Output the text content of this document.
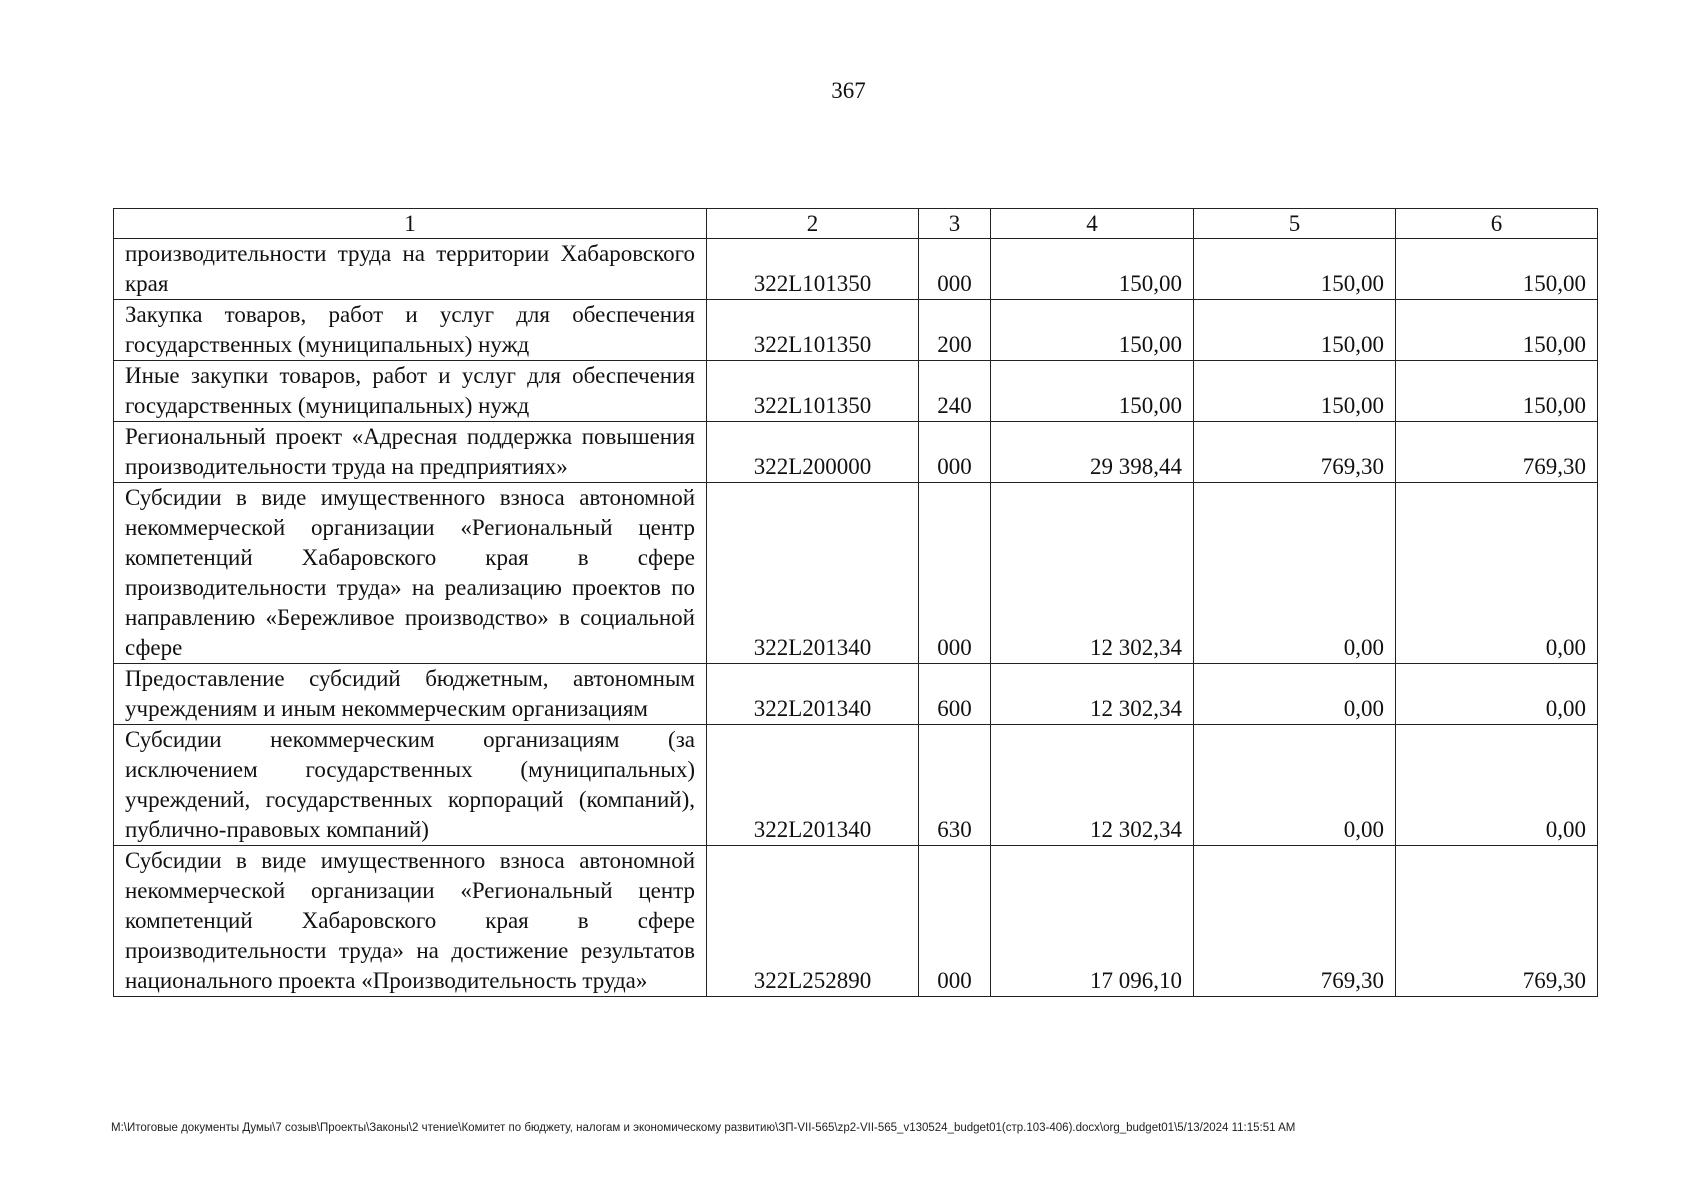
367
1	2	3	4	5	6
производительности труда на территории Хабаровского края	322L101350	000	150,00	150,00	150,00
Закупка товаров, работ и услуг для обеспечения государственных (муниципальных) нужд	322L101350	200	150,00	150,00	150,00
Иные закупки товаров, работ и услуг для обеспечения государственных (муниципальных) нужд	322L101350	240	150,00	150,00	150,00
Региональный проект «Адресная поддержка повышения производительности труда на предприятиях»	322L200000	000	29 398,44	769,30	769,30
Субсидии в виде имущественного взноса автономной некоммерческой организации «Региональный центр компетенций Хабаровского края в сфере производительности труда» на реализацию проектов по направлению «Бережливое производство» в социальной сфере	322L201340	000	12 302,34	0,00	0,00
Предоставление субсидий бюджетным, автономным учреждениям и иным некоммерческим организациям	322L201340	600	12 302,34	0,00	0,00
Субсидии некоммерческим организациям (за исключением государственных (муниципальных) учреждений, государственных корпораций (компаний), публично-правовых компаний)	322L201340	630	12 302,34	0,00	0,00
Субсидии в виде имущественного взноса автономной некоммерческой организации «Региональный центр компетенций Хабаровского края в сфере производительности труда» на достижение результатов национального проекта «Производительность труда»	322L252890	000	17 096,10	769,30	769,30
M:\Итоговые документы Думы\7 созыв\Проекты\Законы\2 чтение\Комитет по бюджету, налогам и экономическому развитию\ЗП-VII-565\zp2-VII-565_v130524_budget01(стр.103-406).docx\org_budget01\5/13/2024 11:15:51 AM
